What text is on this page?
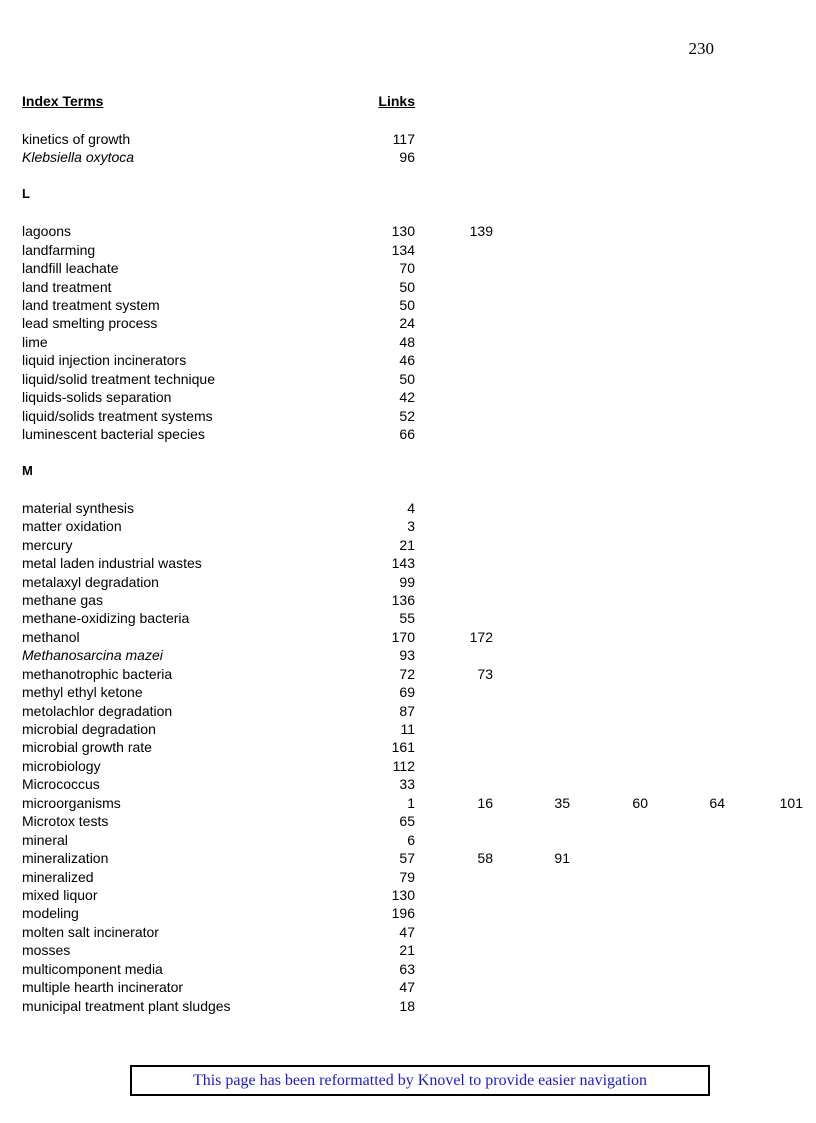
230
Index Terms	Links
kinetics of growth	117
Klebsiella oxytoca	96
L
lagoons	130	139
landfarming	134
landfill leachate	70
land treatment	50
land treatment system	50
lead smelting process	24
lime	48
liquid injection incinerators	46
liquid/solid treatment technique	50
liquids-solids separation	42
liquid/solids treatment systems	52
luminescent bacterial species	66
M
material synthesis	4
matter oxidation	3
mercury	21
metal laden industrial wastes	143
metalaxyl degradation	99
methane gas	136
methane-oxidizing bacteria	55
methanol	170	172
Methanosarcina mazei	93
methanotrophic bacteria	72	73
methyl ethyl ketone	69
metolachlor degradation	87
microbial degradation	11
microbial growth rate	161
microbiology	112
Micrococcus	33
microorganisms	1	16	35	60	64	101
Microtox tests	65
mineral	6
mineralization	57	58	91
mineralized	79
mixed liquor	130
modeling	196
molten salt incinerator	47
mosses	21
multicomponent media	63
multiple hearth incinerator	47
municipal treatment plant sludges	18
This page has been reformatted by Knovel to provide easier navigation
